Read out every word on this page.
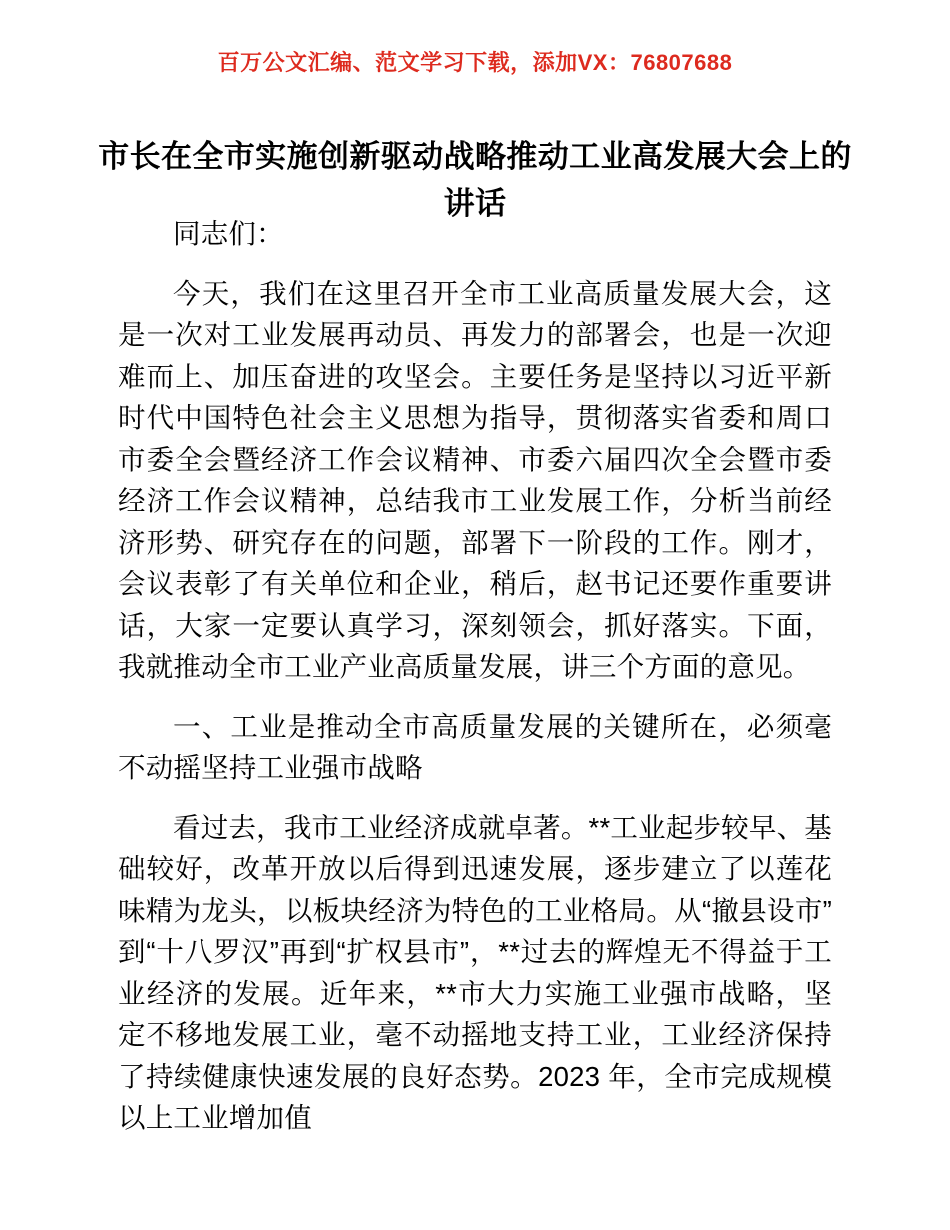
百万公文汇编、范文学习下载，添加VX：76807688
市长在全市实施创新驱动战略推动工业高发展大会上的讲话

同志们：

今天，我们在这里召开全市工业高质量发展大会，这是一次对工业发展再动员、再发力的部署会，也是一次迎难而上、加压奋进的攻坚会。主要任务是坚持以习近平新时代中国特色社会主义思想为指导，贯彻落实省委和周口市委全会暨经济工作会议精神、市委六届四次全会暨市委经济工作会议精神，总结我市工业发展工作，分析当前经济形势、研究存在的问题，部署下一阶段的工作。刚才，会议表彰了有关单位和企业，稍后，赵书记还要作重要讲话，大家一定要认真学习，深刻领会，抓好落实。下面，我就推动全市工业产业高质量发展，讲三个方面的意见。

一、工业是推动全市高质量发展的关键所在，必须毫不动摇坚持工业强市战略

看过去，我市工业经济成就卓著。**工业起步较早、基础较好，改革开放以后得到迅速发展，逐步建立了以莲花味精为龙头，以板块经济为特色的工业格局。从“撤县设市”到“十八罗汉”再到“扩权县市”，**过去的辉煌无不得益于工业经济的发展。近年来，**市大力实施工业强市战略，坚定不移地发展工业，毫不动摇地支持工业，工业经济保持了持续健康快速发展的良好态势。2023 年，全市完成规模以上工业增加值
